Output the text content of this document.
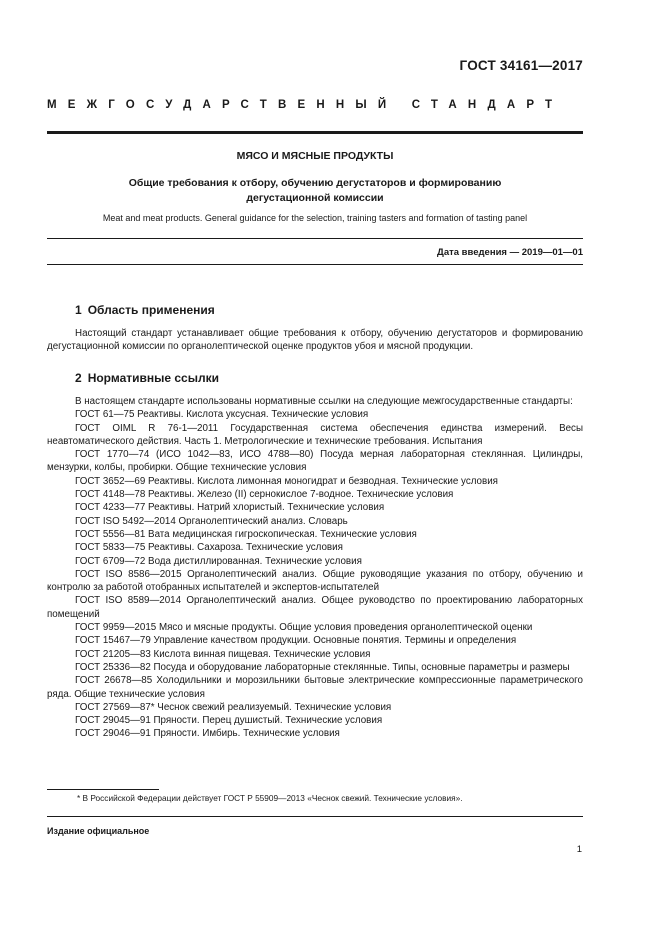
ГОСТ 34161—2017
МЕЖГОСУДАРСТВЕННЫЙ СТАНДАРТ
МЯСО И МЯСНЫЕ ПРОДУКТЫ
Общие требования к отбору, обучению дегустаторов и формированию
дегустационной комиссии
Meat and meat products. General guidance for the selection, training tasters and formation of tasting panel
Дата введения — 2019—01—01
1 Область применения

Настоящий стандарт устанавливает общие требования к отбору, обучению дегустаторов и формированию дегустационной комиссии по органолептической оценке продуктов убоя и мясной продукции.

2 Нормативные ссылки

В настоящем стандарте использованы нормативные ссылки на следующие межгосударственные стандарты:

ГОСТ 61—75 Реактивы. Кислота уксусная. Технические условия

ГОСТ OIML R 76-1—2011 Государственная система обеспечения единства измерений. Весы неавтоматического действия. Часть 1. Метрологические и технические требования. Испытания

ГОСТ 1770—74 (ИСО 1042—83, ИСО 4788—80) Посуда мерная лабораторная стеклянная. Цилиндры, мензурки, колбы, пробирки. Общие технические условия

ГОСТ 3652—69 Реактивы. Кислота лимонная моногидрат и безводная. Технические условия

ГОСТ 4148—78 Реактивы. Железо (II) сернокислое 7-водное. Технические условия

ГОСТ 4233—77 Реактивы. Натрий хлористый. Технические условия

ГОСТ ISO 5492—2014 Органолептический анализ. Словарь

ГОСТ 5556—81 Вата медицинская гигроскопическая. Технические условия

ГОСТ 5833—75 Реактивы. Сахароза. Технические условия

ГОСТ 6709—72 Вода дистиллированная. Технические условия

ГОСТ ISO 8586—2015 Органолептический анализ. Общие руководящие указания по отбору, обучению и контролю за работой отобранных испытателей и экспертов-испытателей

ГОСТ ISO 8589—2014 Органолептический анализ. Общее руководство по проектированию лабораторных помещений

ГОСТ 9959—2015 Мясо и мясные продукты. Общие условия проведения органолептической оценки

ГОСТ 15467—79 Управление качеством продукции. Основные понятия. Термины и определения

ГОСТ 21205—83 Кислота винная пищевая. Технические условия

ГОСТ 25336—82 Посуда и оборудование лабораторные стеклянные. Типы, основные параметры и размеры

ГОСТ 26678—85 Холодильники и морозильники бытовые электрические компрессионные параметрического ряда. Общие технические условия

ГОСТ 27569—87* Чеснок свежий реализуемый. Технические условия

ГОСТ 29045—91 Пряности. Перец душистый. Технические условия

ГОСТ 29046—91 Пряности. Имбирь. Технические условия

* В Российской Федерации действует ГОСТ Р 55909—2013 «Чеснок свежий. Технические условия».
Издание официальное
1
